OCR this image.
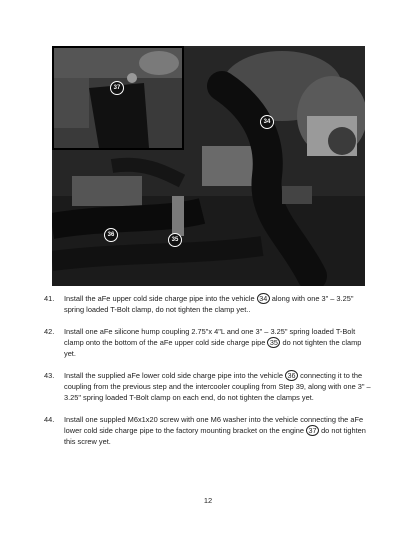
37
34
36
35
41. Install the aFe upper cold side charge pipe into the vehicle 34 along with one 3" – 3.25" spring loaded T-Bolt clamp, do not tighten the clamp yet..
42. Install one aFe silicone hump coupling 2.75"x 4"L and one 3" – 3.25" spring loaded T-Bolt clamp onto the bottom of the aFe upper cold side charge pipe 35 do not tighten the clamp yet.
43. Install the supplied aFe lower cold side charge pipe into the vehicle 36 connecting it to the coupling from the previous step and the intercooler coupling from Step 39, along with one 3" – 3.25" spring loaded T-Bolt clamp on each end, do not tighten the clamps yet.
44. Install one suppled M6x1x20 screw with one M6 washer into the vehicle connecting the aFe lower cold side charge pipe to the factory mounting bracket on the engine 37 do not tighten this screw yet.
12
